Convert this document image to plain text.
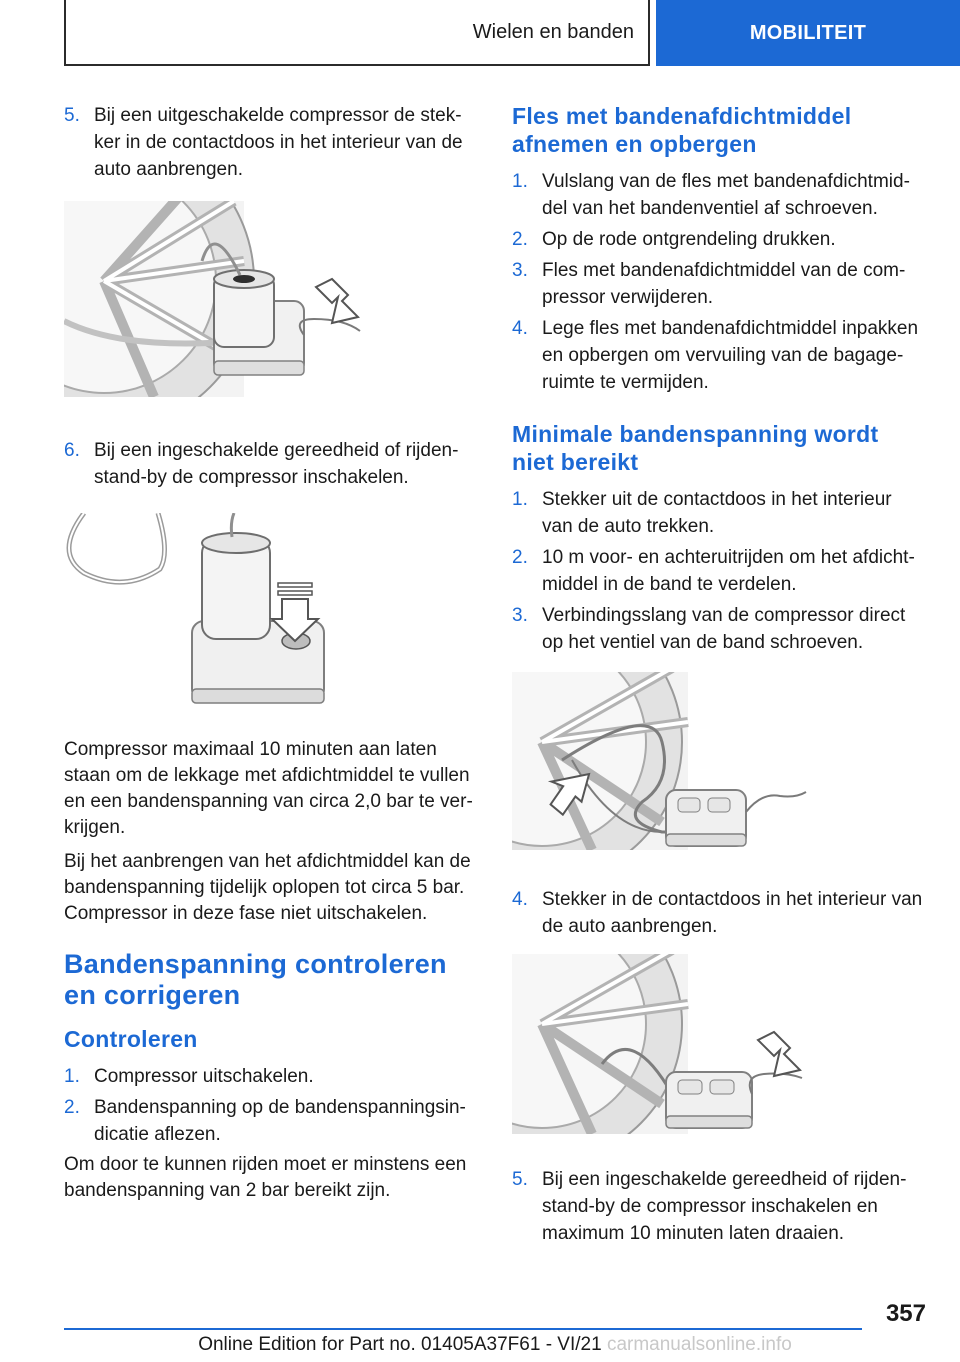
Wielen en banden	MOBILITEIT
5. Bij een uitgeschakelde compressor de stekker in de contactdoos in het interieur van de auto aanbrengen.
6. Bij een ingeschakelde gereedheid of rijdenstand-by de compressor inschakelen.

Compressor maximaal 10 minuten aan laten staan om de lekkage met afdichtmiddel te vullen en een bandenspanning van circa 2,0 bar te verkrijgen.

Bij het aanbrengen van het afdichtmiddel kan de bandenspanning tijdelijk oplopen tot circa 5 bar. Compressor in deze fase niet uitschakelen.

Bandenspanning controleren en corrigeren
Controleren
1. Compressor uitschakelen.
2. Bandenspanning op de bandenspanningsindicatie aflezen.

Om door te kunnen rijden moet er minstens een bandenspanning van 2 bar bereikt zijn.

Fles met bandenafdichtmiddel afnemen en opbergen
1. Vulslang van de fles met bandenafdichtmiddel van het bandenventiel af schroeven.
2. Op de rode ontgrendeling drukken.
3. Fles met bandenafdichtmiddel van de compressor verwijderen.
4. Lege fles met bandenafdichtmiddel inpakken en opbergen om vervuiling van de bagageruimte te vermijden.
Minimale bandenspanning wordt niet bereikt
1. Stekker uit de contactdoos in het interieur van de auto trekken.
2. 10 m voor- en achteruitrijden om het afdichtmiddel in de band te verdelen.
3. Verbindingsslang van de compressor direct op het ventiel van de band schroeven.
4. Stekker in de contactdoos in het interieur van de auto aanbrengen.
5. Bij een ingeschakelde gereedheid of rijdenstand-by de compressor inschakelen en maximum 10 minuten laten draaien.
357
Online Edition for Part no. 01405A37F61 - VI/21 carmanualsonline.info
